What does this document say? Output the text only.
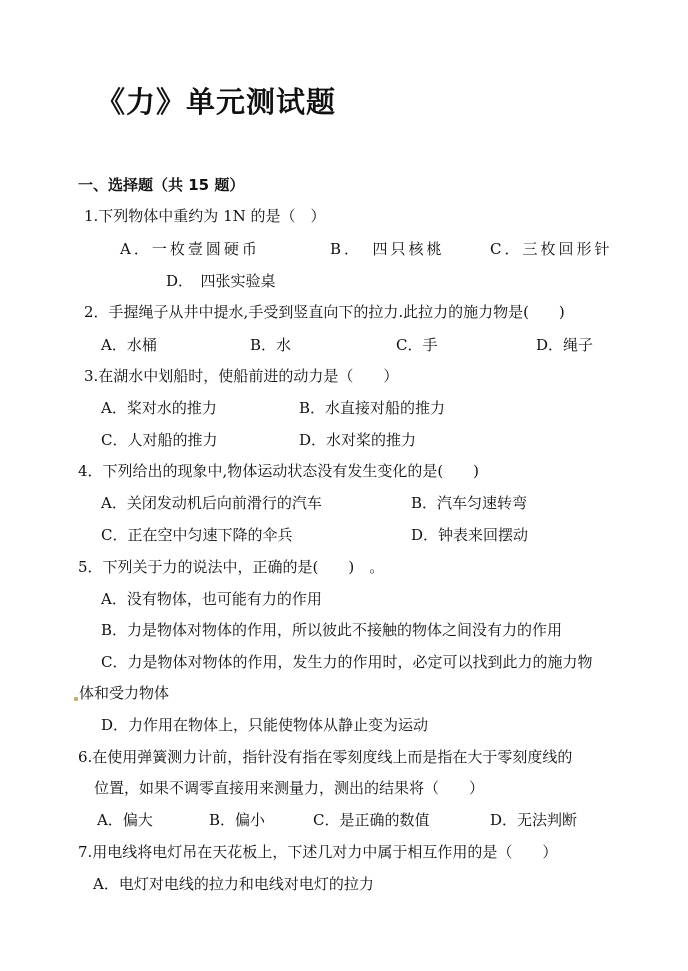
《力》单元测试题
一、选择题（共 15 题）
1.下列物体中重约为 1N 的是（　）
A．一枚壹圆硬币	B．　四只核桃	C．三枚回形针
D．　四张实验桌
2．手握绳子从井中提水,手受到竖直向下的拉力.此拉力的施力物是(　　)
A．水桶	B．水	C．手	D．绳子
3.在湖水中划船时，使船前进的动力是（　　）
A．桨对水的推力	B．水直接对船的推力
C．人对船的推力	D．水对桨的推力
4．下列给出的现象中,物体运动状态没有发生变化的是(　　)
A．关闭发动机后向前滑行的汽车	B．汽车匀速转弯
C．正在空中匀速下降的伞兵	D．钟表来回摆动
5．下列关于力的说法中，正确的是(　　)　。
A．没有物体，也可能有力的作用
B．力是物体对物体的作用，所以彼此不接触的物体之间没有力的作用
C．力是物体对物体的作用，发生力的作用时，必定可以找到此力的施力物
体和受力物体
D．力作用在物体上，只能使物体从静止变为运动
6.在使用弹簧测力计前，指针没有指在零刻度线上而是指在大于零刻度线的
位置，如果不调零直接用来测量力，测出的结果将（　　）
A．偏大	B．偏小	C．是正确的数值	D．无法判断
7.用电线将电灯吊在天花板上，下述几对力中属于相互作用的是（　　）
A．电灯对电线的拉力和电线对电灯的拉力
